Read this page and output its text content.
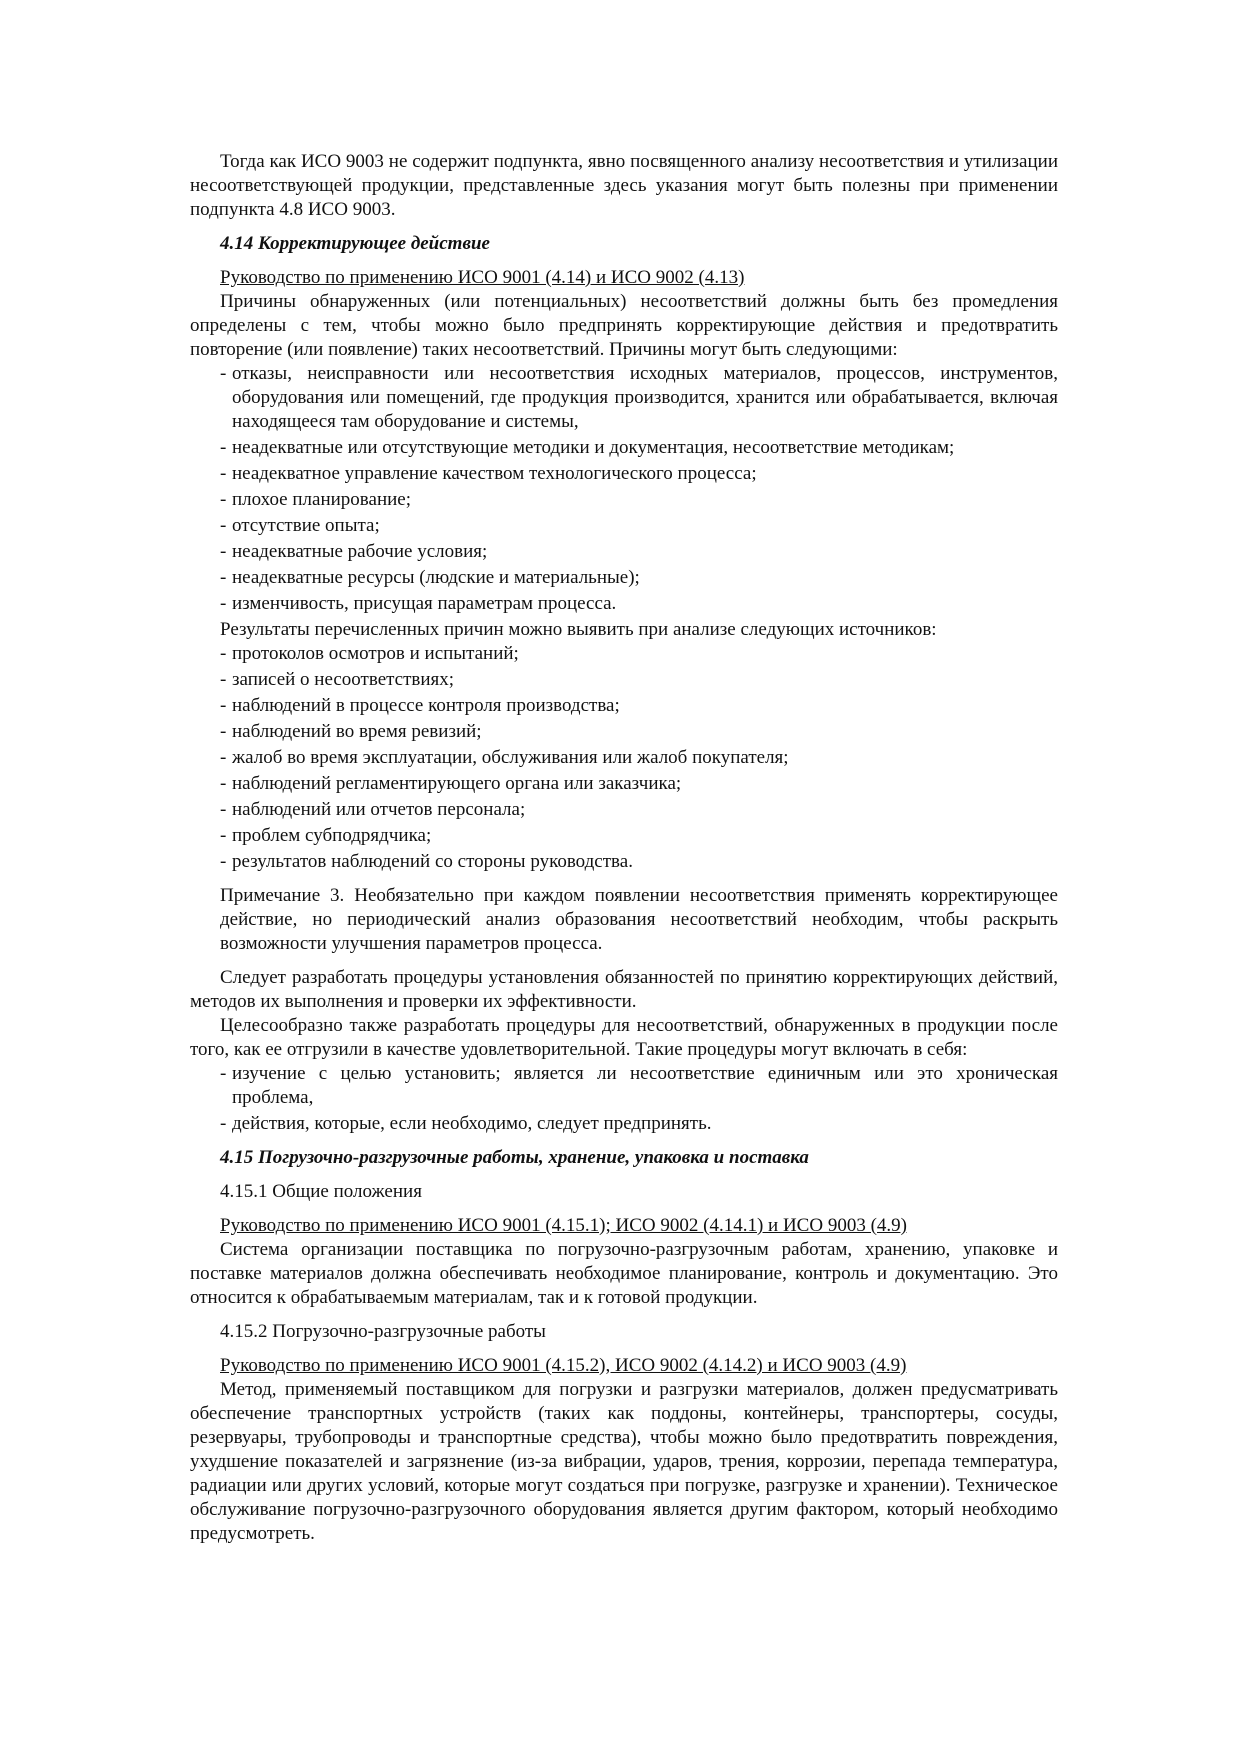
Тогда как ИСО 9003 не содержит подпункта, явно посвященного анализу несоответствия и утилизации несоответствующей продукции, представленные здесь указания могут быть полезны при применении подпункта 4.8 ИСО 9003.

4.14 Корректирующее действие

Руководство по применению ИСО 9001 (4.14) и ИСО 9002 (4.13)

Причины обнаруженных (или потенциальных) несоответствий должны быть без промедления определены с тем, чтобы можно было предпринять корректирующие действия и предотвратить повторение (или появление) таких несоответствий. Причины могут быть следующими:

- отказы, неисправности или несоответствия исходных материалов, процессов, инструментов, оборудования или помещений, где продукция производится, хранится или обрабатывается, включая находящееся там оборудование и системы,
- неадекватные или отсутствующие методики и документация, несоответствие методикам;
- неадекватное управление качеством технологического процесса;
- плохое планирование;
- отсутствие опыта;
- неадекватные рабочие условия;
- неадекватные ресурсы (людские и материальные);
- изменчивость, присущая параметрам процесса.

Результаты перечисленных причин можно выявить при анализе следующих источников:

- протоколов осмотров и испытаний;
- записей о несоответствиях;
- наблюдений в процессе контроля производства;
- наблюдений во время ревизий;
- жалоб во время эксплуатации, обслуживания или жалоб покупателя;
- наблюдений регламентирующего органа или заказчика;
- наблюдений или отчетов персонала;
- проблем субподрядчика;
- результатов наблюдений со стороны руководства.

Примечание 3. Необязательно при каждом появлении несоответствия применять корректирующее действие, но периодический анализ образования несоответствий необходим, чтобы раскрыть возможности улучшения параметров процесса.

Следует разработать процедуры установления обязанностей по принятию корректирующих действий, методов их выполнения и проверки их эффективности.

Целесообразно также разработать процедуры для несоответствий, обнаруженных в продукции после того, как ее отгрузили в качестве удовлетворительной. Такие процедуры могут включать в себя:

- изучение с целью установить; является ли несоответствие единичным или это хроническая проблема,
- действия, которые, если необходимо, следует предпринять.

4.15 Погрузочно-разгрузочные работы, хранение, упаковка и поставка

4.15.1 Общие положения

Руководство по применению ИСО 9001 (4.15.1); ИСО 9002 (4.14.1) и ИСО 9003 (4.9)

Система организации поставщика по погрузочно-разгрузочным работам, хранению, упаковке и поставке материалов должна обеспечивать необходимое планирование, контроль и документацию. Это относится к обрабатываемым материалам, так и к готовой продукции.

4.15.2 Погрузочно-разгрузочные работы

Руководство по применению ИСО 9001 (4.15.2), ИСО 9002 (4.14.2) и ИСО 9003 (4.9)

Метод, применяемый поставщиком для погрузки и разгрузки материалов, должен предусматривать обеспечение транспортных устройств (таких как поддоны, контейнеры, транспортеры, сосуды, резервуары, трубопроводы и транспортные средства), чтобы можно было предотвратить повреждения, ухудшение показателей и загрязнение (из-за вибрации, ударов, трения, коррозии, перепада температура, радиации или других условий, которые могут создаться при погрузке, разгрузке и хранении). Техническое обслуживание погрузочно-разгрузочного оборудования является другим фактором, который необходимо предусмотреть.
